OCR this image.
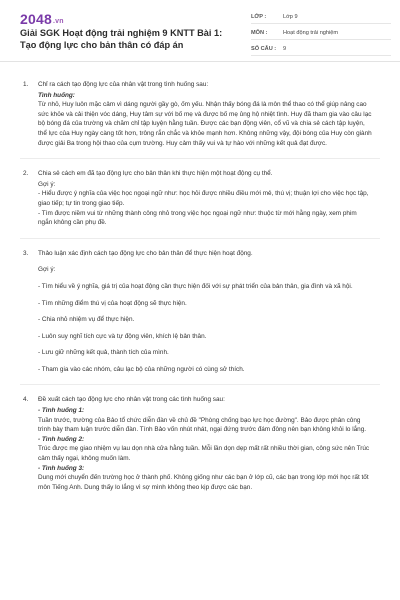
2048.vn
Giải SGK Hoạt động trải nghiệm 9 KNTT Bài 1: Tạo động lực cho bản thân có đáp án
LỚP :	Lớp 9
MÔN :	Hoạt động trải nghiệm
SỐ CÂU :	9
1.	Chỉ ra cách tạo động lực của nhân vật trong tình huống sau:
Tình huống:
Từ nhỏ, Huy luôn mặc cảm vì dáng người gầy gò, ốm yếu. Nhận thấy bóng đá là môn thể thao có thể giúp nâng cao sức khỏe và cải thiện vóc dáng, Huy tâm sự với bố mẹ và được bố mẹ ủng hộ nhiệt tình. Huy đã tham gia vào câu lạc bộ bóng đá của trường và chăm chỉ tập luyện hằng tuần. Được các bạn động viên, cổ vũ và chia sẻ cách tập luyện, thể lực của Huy ngày càng tốt hơn, trông rắn chắc và khỏe mạnh hơn. Không những vậy, đội bóng của Huy còn giành được giải Ba trong hội thao của cụm trường. Huy cảm thấy vui và tự hào với những kết quả đạt được.
2.	Chia sẻ cách em đã tạo động lực cho bản thân khi thực hiện một hoạt động cụ thể.
Gợi ý:
- Hiểu được ý nghĩa của việc học ngoại ngữ như: học hỏi được nhiều điều mới mẻ, thú vị; thuận lợi cho việc học tập, giao tiếp; tự tin trong giao tiếp.
- Tìm được niềm vui từ những thành công nhỏ trong việc học ngoại ngữ như: thuộc từ mới hằng ngày, xem phim ngắn không cần phụ đề.
3.	Thảo luận xác định cách tạo động lực cho bản thân để thực hiện hoạt động.
Gợi ý:
- Tìm hiểu về ý nghĩa, giá trị của hoạt động cần thực hiện đối với sự phát triển của bản thân, gia đình và xã hội.
- Tìm những điểm thú vị của hoạt động sẽ thực hiện.
- Chia nhỏ nhiệm vụ để thực hiện.
- Luôn suy nghĩ tích cực và tự động viên, khích lệ bản thân.
- Lưu giữ những kết quả, thành tích của mình.
- Tham gia vào các nhóm, câu lạc bộ của những người có cùng sở thích.
4.	Đề xuất cách tạo động lực cho nhân vật trong các tình huống sau:
- Tình huống 1:
Tuần trước, trường của Bảo tổ chức diễn đàn về chủ đề "Phòng chống bạo lực học đường". Bảo được phân công trình bày tham luận trước diễn đàn. Tính Bảo vốn nhút nhát, ngại đứng trước đám đông nên bạn không khỏi lo lắng.
- Tình huống 2:
Trúc được mẹ giao nhiệm vụ lau dọn nhà cửa hằng tuần. Mỗi lần dọn dẹp mất rất nhiều thời gian, công sức nên Trúc cảm thấy ngại, không muốn làm.
- Tình huống 3:
Dung mới chuyển đến trường học ở thành phố. Không giống như các bạn ở lớp cũ, các bạn trong lớp mới học rất tốt môn Tiếng Anh. Dung thấy lo lắng vì sợ mình không theo kịp được các bạn.
